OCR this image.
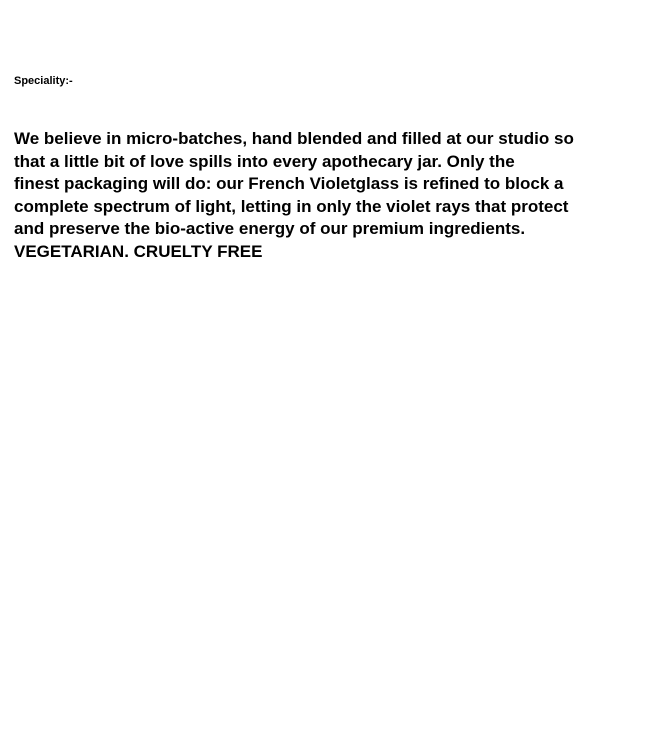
Speciality:-

We believe in micro-batches, hand blended and filled at our studio so
that a little bit of love spills into every apothecary jar. Only the
finest packaging will do: our French Violetglass is refined to block a
complete spectrum of light, letting in only the violet rays that protect
and preserve the bio-active energy of our premium ingredients.
VEGETARIAN. CRUELTY FREE
